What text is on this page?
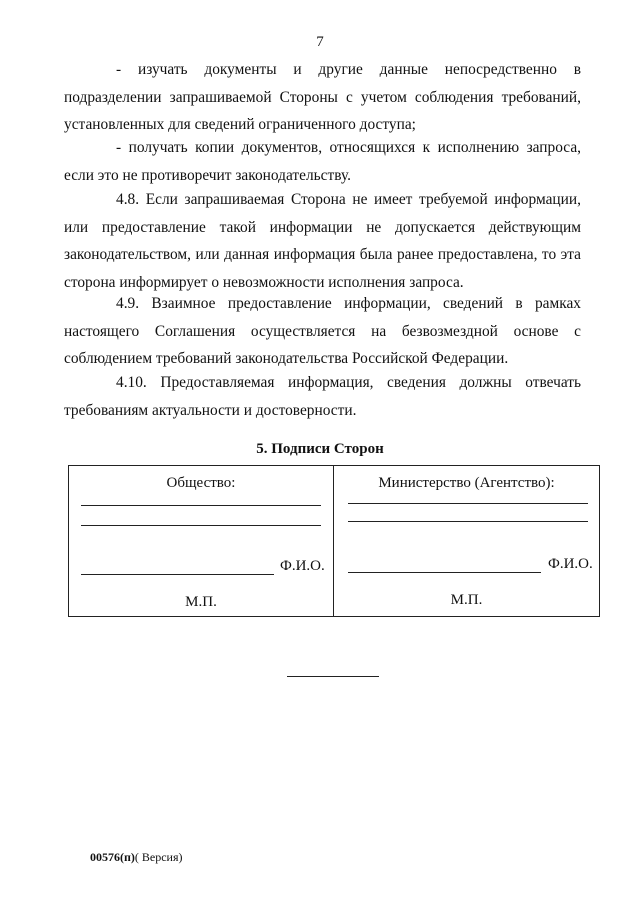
7

- изучать документы и другие данные непосредственно в подразделении запрашиваемой Стороны с учетом соблюдения требований, установленных для сведений ограниченного доступа;

- получать копии документов, относящихся к исполнению запроса, если это не противоречит законодательству.

4.8. Если запрашиваемая Сторона не имеет требуемой информации, или предоставление такой информации не допускается действующим законодательством, или данная информация была ранее предоставлена, то эта сторона информирует о невозможности исполнения запроса.

4.9. Взаимное предоставление информации, сведений в рамках настоящего Соглашения осуществляется на безвозмездной основе с соблюдением требований законодательства Российской Федерации.

4.10. Предоставляемая информация, сведения должны отвечать требованиям актуальности и достоверности.

5. Подписи Сторон
Общество:
Ф.И.О.
М.П.
Министерство (Агентство):
Ф.И.О.
М.П.
00576(п)( Версия)
